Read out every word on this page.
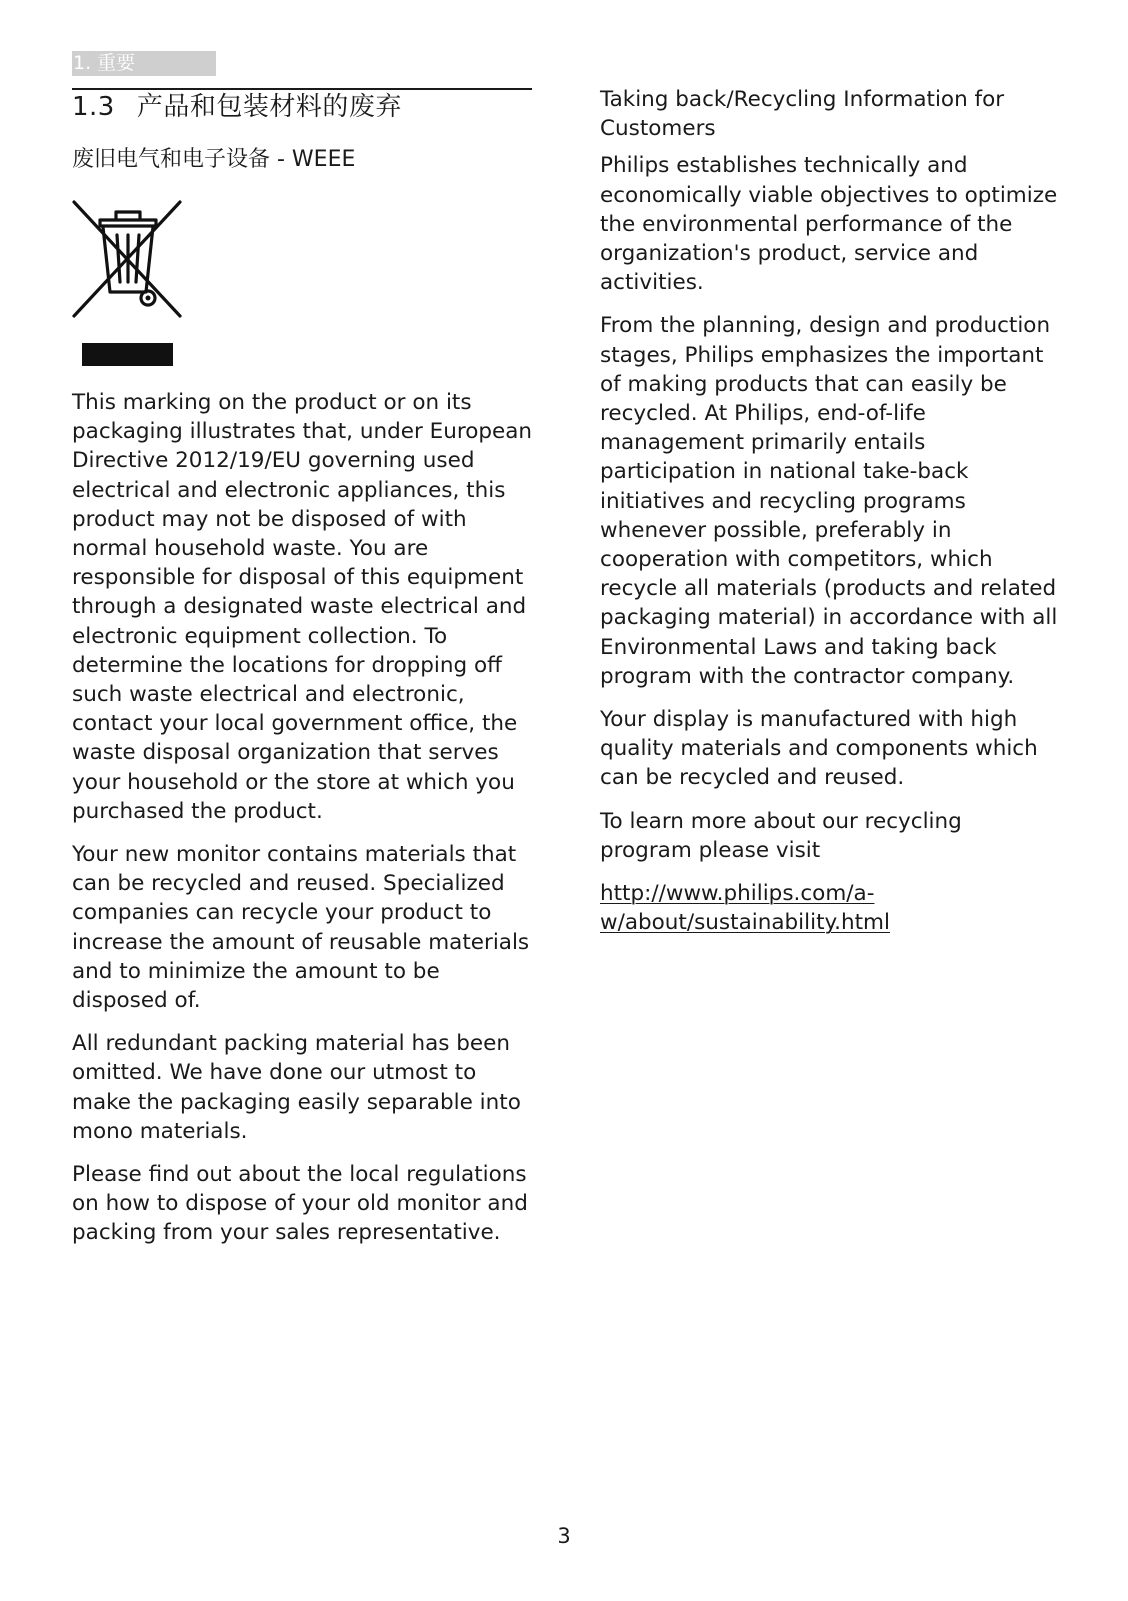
1. 重要
1.3 产品和包装材料的废弃
废旧电气和电子设备 - WEEE

This marking on the product or on its packaging illustrates that, under European Directive 2012/19/EU governing used electrical and electronic appliances, this product may not be disposed of with normal household waste. You are responsible for disposal of this equipment through a designated waste electrical and electronic equipment collection. To determine the locations for dropping off such waste electrical and electronic, contact your local government office, the waste disposal organization that serves your household or the store at which you purchased the product.

Your new monitor contains materials that can be recycled and reused. Specialized companies can recycle your product to increase the amount of reusable materials and to minimize the amount to be disposed of.

All redundant packing material has been omitted. We have done our utmost to make the packaging easily separable into mono materials.

Please find out about the local regulations on how to dispose of your old monitor and packing from your sales representative.

Taking back/Recycling Information for Customers

Philips establishes technically and economically viable objectives to optimize the environmental performance of the organization's product, service and activities.

From the planning, design and production stages, Philips emphasizes the important of making products that can easily be recycled. At Philips, end-of-life management primarily entails participation in national take-back initiatives and recycling programs whenever possible, preferably in cooperation with competitors, which recycle all materials (products and related packaging material) in accordance with all Environmental Laws and taking back program with the contractor company.

Your display is manufactured with high quality materials and components which can be recycled and reused.

To learn more about our recycling program please visit

http://www.philips.com/a-w/about/sustainability.html

3
